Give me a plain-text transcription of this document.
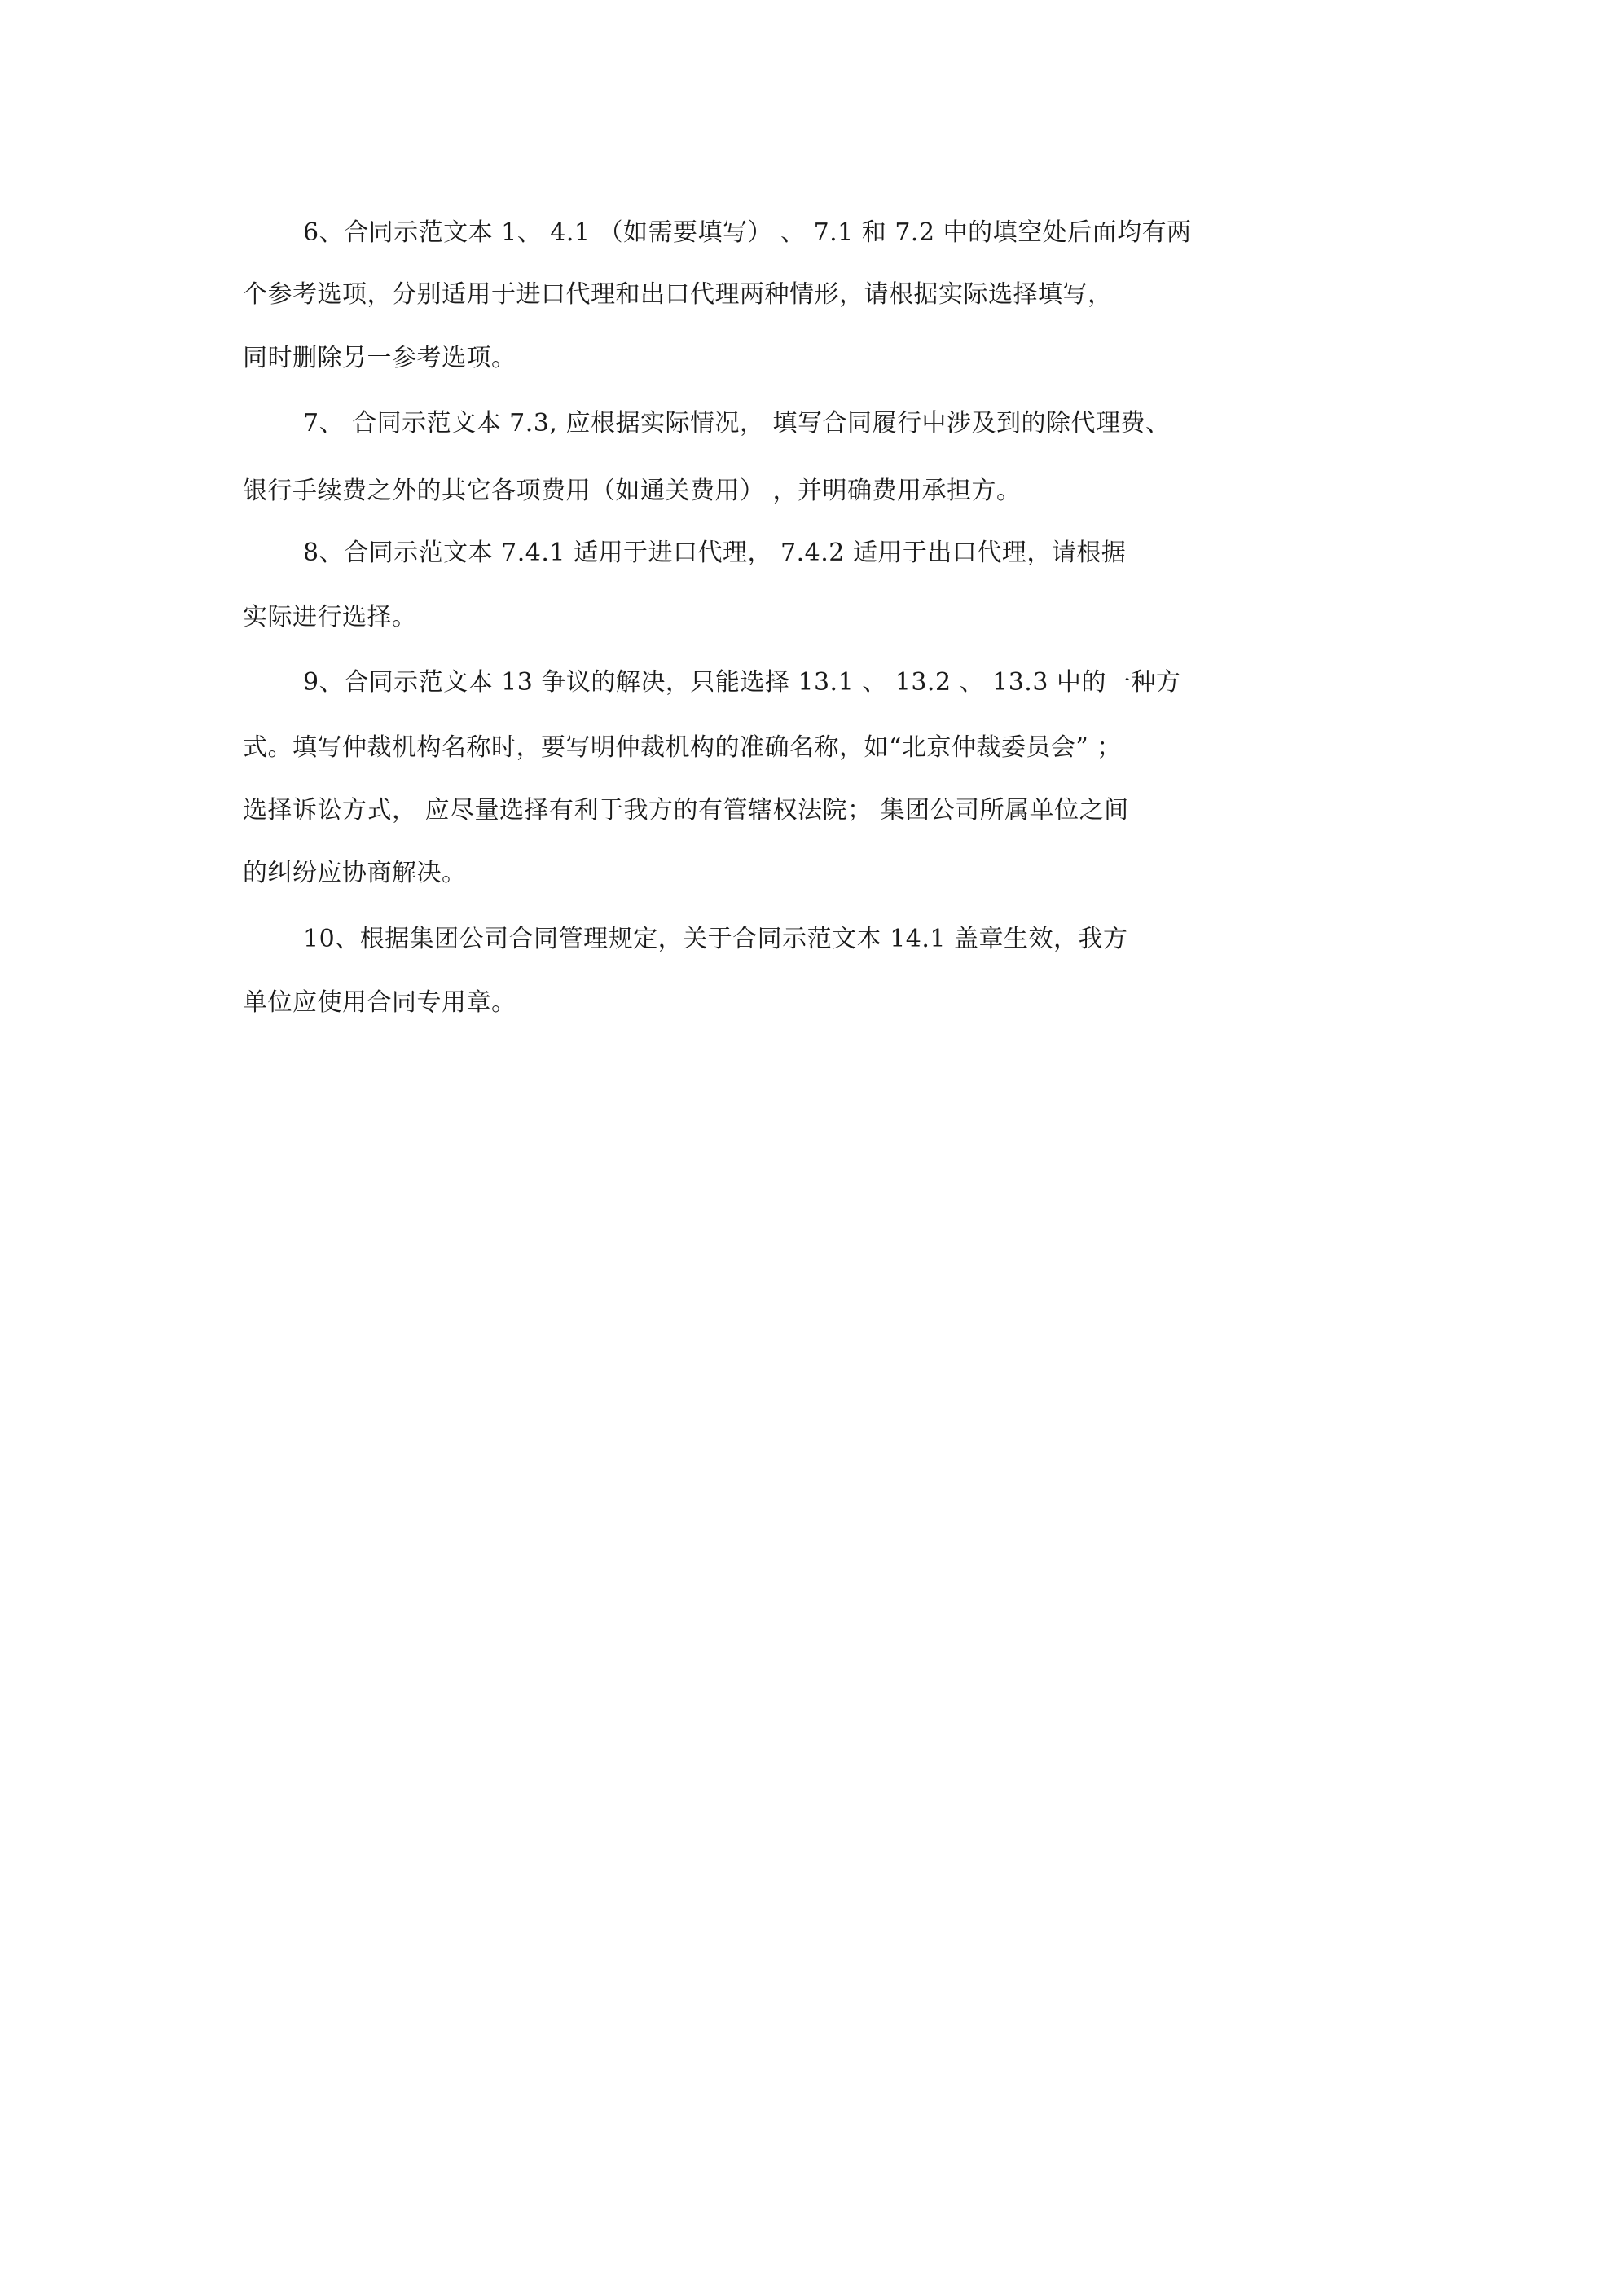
6、合同示范文本 1、 4.1 （如需要填写） 、 7.1 和 7.2 中的填空处后面均有两
个参考选项，分别适用于进口代理和出口代理两种情形，请根据实际选择填写，
同时删除另一参考选项。
7、 合同示范文本 7.3, 应根据实际情况， 填写合同履行中涉及到的除代理费、
银行手续费之外的其它各项费用（如通关费用） ，并明确费用承担方。
8、合同示范文本 7.4.1 适用于进口代理， 7.4.2 适用于出口代理，请根据
实际进行选择。
9、合同示范文本 13 争议的解决，只能选择 13.1 、 13.2 、 13.3 中的一种方
式。填写仲裁机构名称时，要写明仲裁机构的准确名称，如“北京仲裁委员会” ；
选择诉讼方式， 应尽量选择有利于我方的有管辖权法院； 集团公司所属单位之间
的纠纷应协商解决。
10、根据集团公司合同管理规定，关于合同示范文本 14.1 盖章生效，我方
单位应使用合同专用章。
